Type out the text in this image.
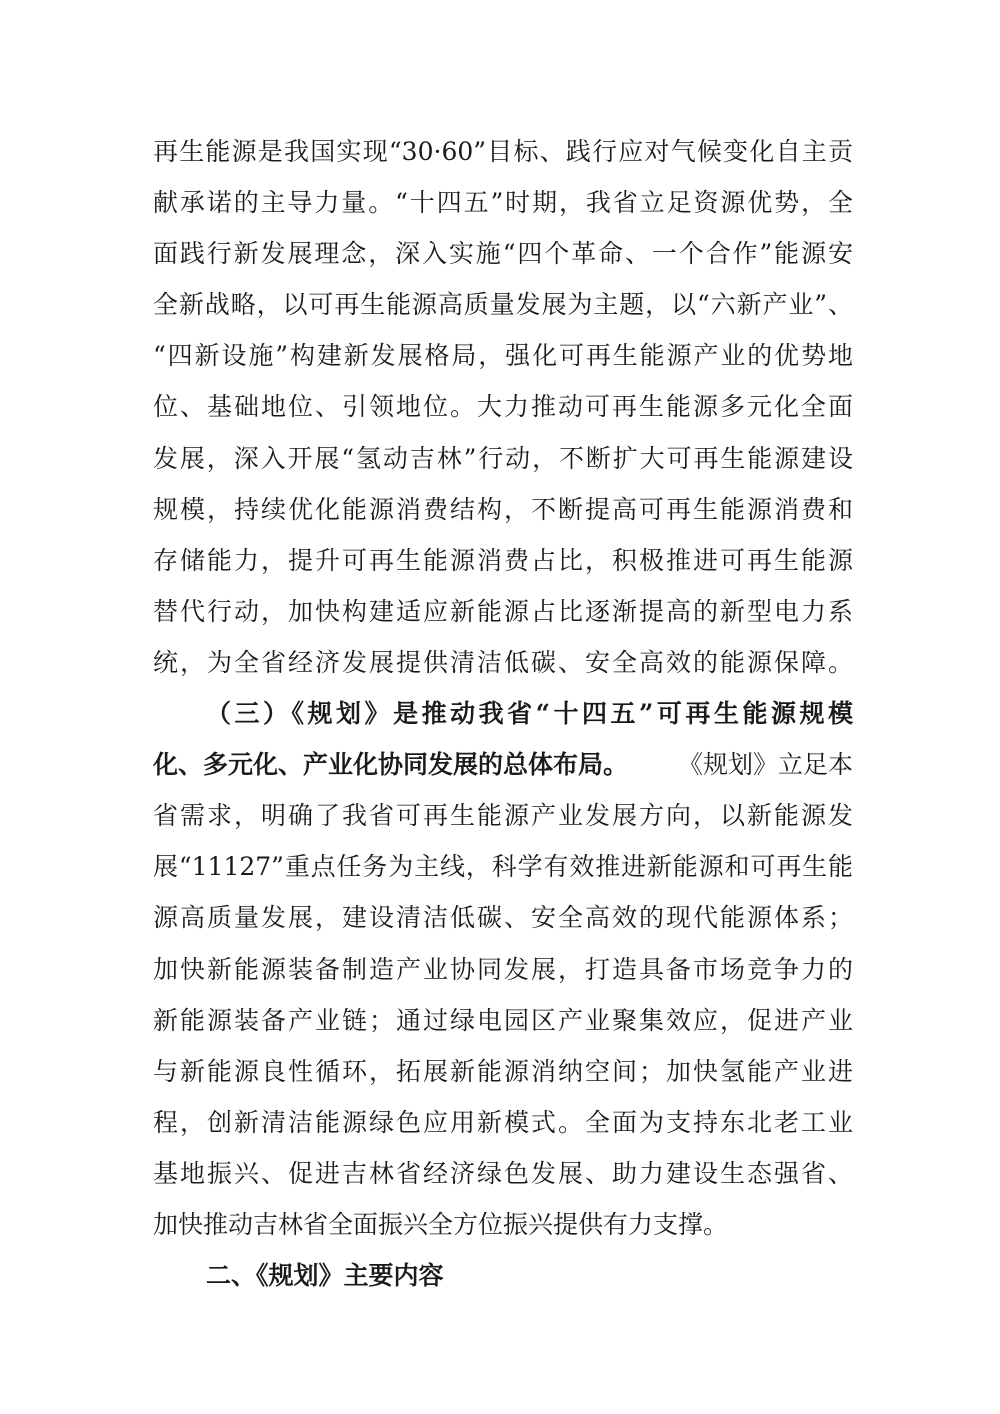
再生能源是我国实现“30·60”目标、践行应对气候变化自主贡
献承诺的主导力量。“十四五”时期，我省立足资源优势，全
面践行新发展理念，深入实施“四个革命、一个合作”能源安
全新战略，以可再生能源高质量发展为主题，以“六新产业”、
“四新设施”构建新发展格局，强化可再生能源产业的优势地
位、基础地位、引领地位。大力推动可再生能源多元化全面
发展，深入开展“氢动吉林”行动，不断扩大可再生能源建设
规模，持续优化能源消费结构，不断提高可再生能源消费和
存储能力，提升可再生能源消费占比，积极推进可再生能源
替代行动，加快构建适应新能源占比逐渐提高的新型电力系
统，为全省经济发展提供清洁低碳、安全高效的能源保障。
（三）《规划》是推动我省“十四五”可再生能源规模
化、多元化、产业化协同发展的总体布局。 《规划》立足本
省需求，明确了我省可再生能源产业发展方向，以新能源发
展“11127”重点任务为主线，科学有效推进新能源和可再生能
源高质量发展，建设清洁低碳、安全高效的现代能源体系；
加快新能源装备制造产业协同发展，打造具备市场竞争力的
新能源装备产业链；通过绿电园区产业聚集效应，促进产业
与新能源良性循环，拓展新能源消纳空间；加快氢能产业进
程，创新清洁能源绿色应用新模式。全面为支持东北老工业
基地振兴、促进吉林省经济绿色发展、助力建设生态强省、
加快推动吉林省全面振兴全方位振兴提供有力支撑。
二、《规划》主要内容
